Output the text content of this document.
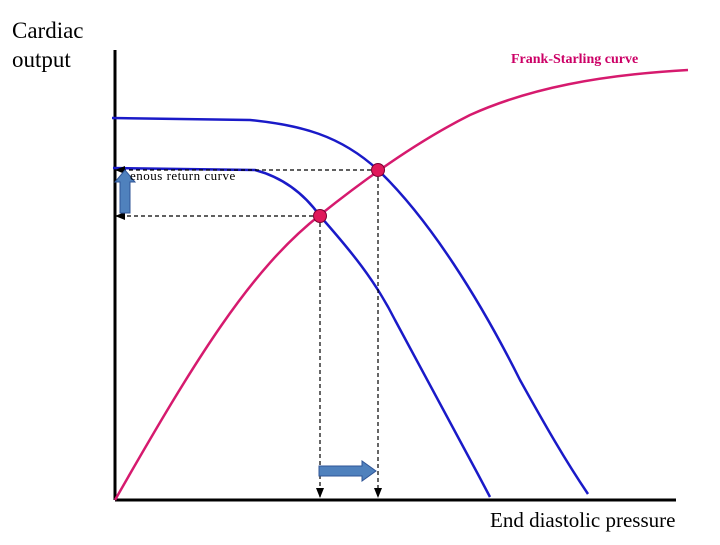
Cardiac output
End diastolic pressure
Frank-Starling curve
enous return curve
